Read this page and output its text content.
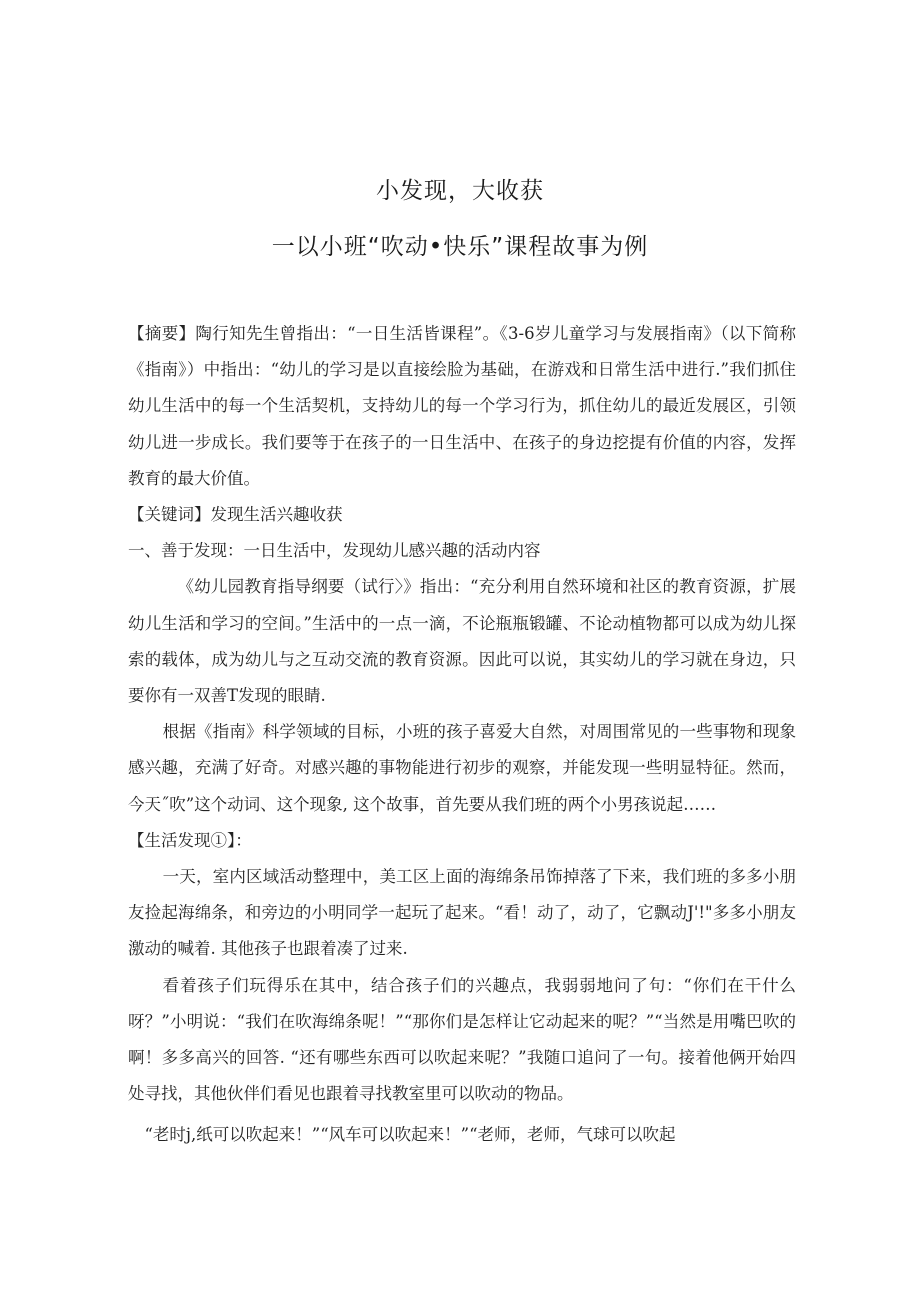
小发现，大收获
一以小班“吹动•快乐”课程故事为例

【摘要】陶行知先生曾指出：“一日生活皆课程”。《3-6岁儿童学习与发展指南》（以下简称《指南》）中指出：“幼儿的学习是以直接绘脸为基础，在游戏和日常生活中进行.”我们抓住幼儿生活中的每一个生活契机，支持幼儿的每一个学习行为，抓住幼儿的最近发展区，引领幼儿进一步成长。我们要等于在孩子的一日生活中、在孩子的身边挖提有价值的内容，发挥教育的最大价值。

【关键词】发现生活兴趣收获

一、善于发现：一日生活中，发现幼儿感兴趣的活动内容

《幼儿园教育指导纲要（试行〉》指出：“充分利用自然环境和社区的教育资源，扩展幼儿生活和学习的空间。”生活中的一点一滴，不论瓶瓶锻罐、不论动植物都可以成为幼儿探索的载体，成为幼儿与之互动交流的教育资源。因此可以说，其实幼儿的学习就在身边，只要你有一双善T发现的眼睛.

根据《指南》科学领域的目标，小班的孩子喜爱大自然，对周围常见的一些事物和现象感兴趣，充满了好奇。对感兴趣的事物能进行初步的观察，并能发现一些明显特征。然而，今天˝吹”这个动词、这个现象, 这个故事，首先要从我们班的两个小男孩说起……

【生活发现①】：

一天，室内区域活动整理中，美工区上面的海绵条吊饰掉落了下来，我们班的多多小朋友捡起海绵条，和旁边的小明同学一起玩了起来。“看！动了，动了，它飘动J'!"多多小朋友激动的喊着. 其他孩子也跟着凑了过来.

看着孩子们玩得乐在其中，结合孩子们的兴趣点，我弱弱地问了句：“你们在干什么呀？”小明说：“我们在吹海绵条呢！”“那你们是怎样让它动起来的呢？”“当然是用嘴巴吹的啊！多多高兴的回答. “还有哪些东西可以吹起来呢？”我随口追问了一句。接着他俩开始四处寻找，其他伙伴们看见也跟着寻找教室里可以吹动的物品。

“老时j,纸可以吹起来！”“风车可以吹起来！”“老师，老师，气球可以吹起
